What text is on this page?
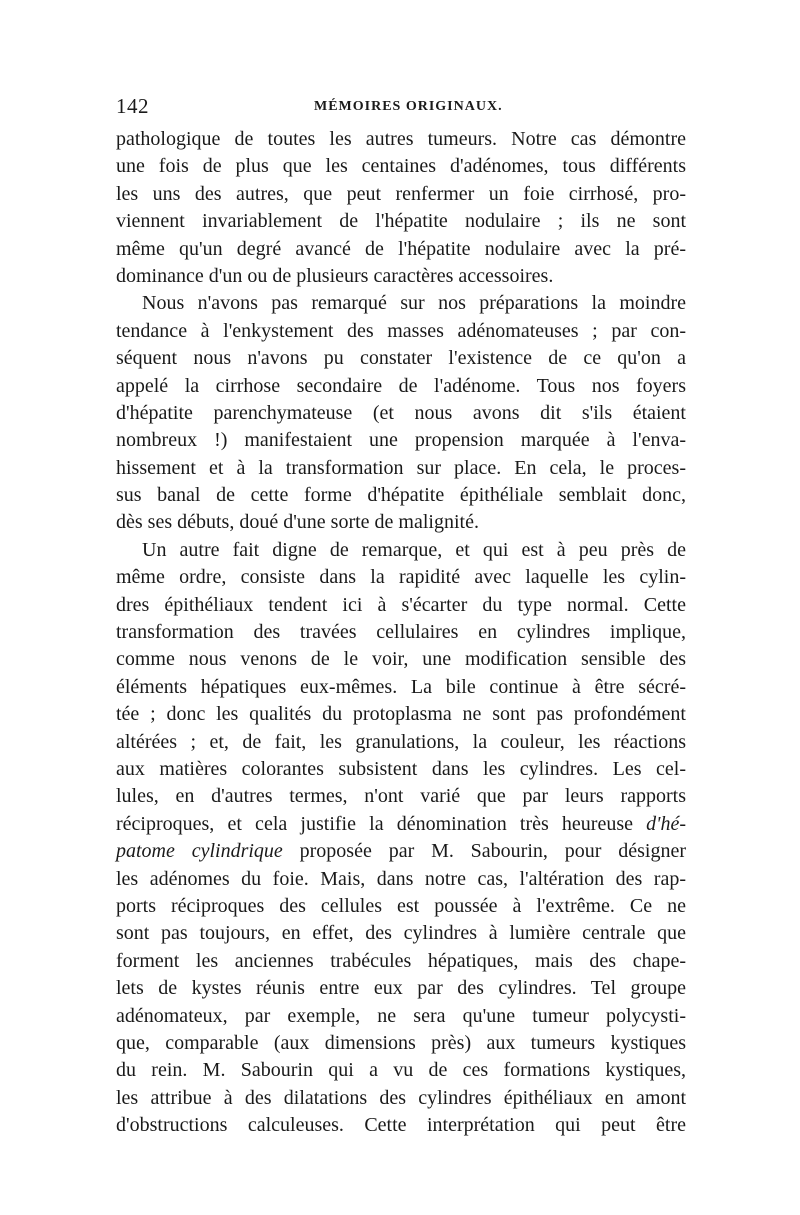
142	MÉMOIRES ORIGINAUX.
pathologique de toutes les autres tumeurs. Notre cas démontre
une fois de plus que les centaines d'adénomes, tous différents
les uns des autres, que peut renfermer un foie cirrhosé, pro-
viennent invariablement de l'hépatite nodulaire ; ils ne sont
même qu'un degré avancé de l'hépatite nodulaire avec la pré-
dominance d'un ou de plusieurs caractères accessoires.
Nous n'avons pas remarqué sur nos préparations la moindre
tendance à l'enkystement des masses adénomateuses ; par con-
séquent nous n'avons pu constater l'existence de ce qu'on a
appelé la cirrhose secondaire de l'adénome. Tous nos foyers
d'hépatite parenchymateuse (et nous avons dit s'ils étaient
nombreux !) manifestaient une propension marquée à l'enva-
hissement et à la transformation sur place. En cela, le proces-
sus banal de cette forme d'hépatite épithéliale semblait donc,
dès ses débuts, doué d'une sorte de malignité.
Un autre fait digne de remarque, et qui est à peu près de
même ordre, consiste dans la rapidité avec laquelle les cylin-
dres épithéliaux tendent ici à s'écarter du type normal. Cette
transformation des travées cellulaires en cylindres implique,
comme nous venons de le voir, une modification sensible des
éléments hépatiques eux-mêmes. La bile continue à être sécré-
tée ; donc les qualités du protoplasma ne sont pas profondément
altérées ; et, de fait, les granulations, la couleur, les réactions
aux matières colorantes subsistent dans les cylindres. Les cel-
lules, en d'autres termes, n'ont varié que par leurs rapports
réciproques, et cela justifie la dénomination très heureuse d'hé-
patome cylindrique proposée par M. Sabourin, pour désigner
les adénomes du foie. Mais, dans notre cas, l'altération des rap-
ports réciproques des cellules est poussée à l'extrême. Ce ne
sont pas toujours, en effet, des cylindres à lumière centrale que
forment les anciennes trabécules hépatiques, mais des chape-
lets de kystes réunis entre eux par des cylindres. Tel groupe
adénomateux, par exemple, ne sera qu'une tumeur polycysti-
que, comparable (aux dimensions près) aux tumeurs kystiques
du rein. M. Sabourin qui a vu de ces formations kystiques,
les attribue à des dilatations des cylindres épithéliaux en amont
d'obstructions calculeuses. Cette interprétation qui peut être
